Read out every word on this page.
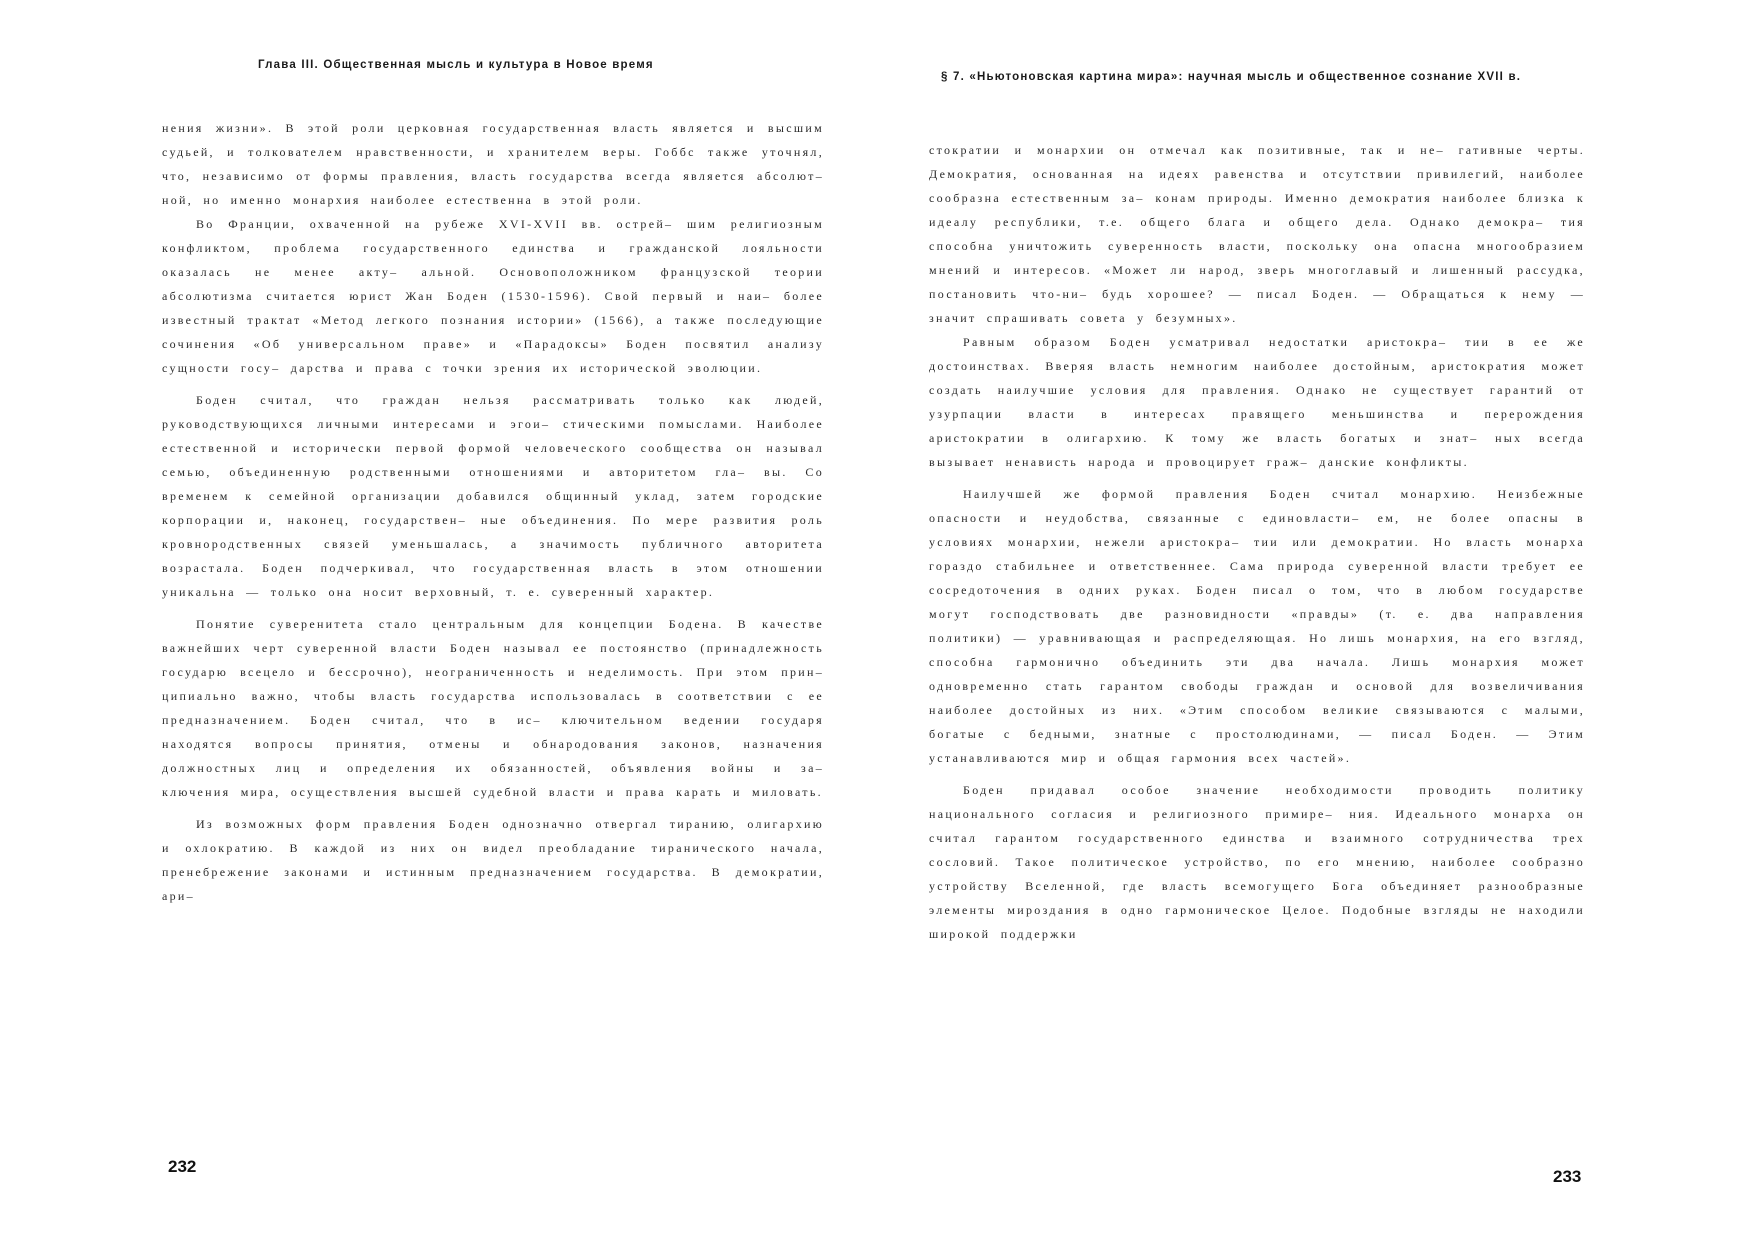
Глава III. Общественная мысль и культура в Новое время

нения жизни». В этой роли церковная государственная власть является и высшим судьей, и толкователем нравственности, и хранителем веры. Гоббс также уточнял, что, независимо от формы правления, власть государства всегда является абсолют– ной, но именно монархия наиболее естественна в этой роли.

Во Франции, охваченной на рубеже XVI-XVII вв. острей– шим религиозным конфликтом, проблема государственного единства и гражданской лояльности оказалась не менее акту– альной. Основоположником французской теории абсолютизма считается юрист Жан Боден (1530-1596). Свой первый и наи– более известный трактат «Метод легкого познания истории» (1566), а также последующие сочинения «Об универсальном праве» и «Парадоксы» Боден посвятил анализу сущности госу– дарства и права с точки зрения их исторической эволюции.

Боден считал, что граждан нельзя рассматривать только как людей, руководствующихся личными интересами и эгои– стическими помыслами. Наиболее естественной и исторически первой формой человеческого сообщества он называл семью, объединенную родственными отношениями и авторитетом гла– вы. Со временем к семейной организации добавился общинный уклад, затем городские корпорации и, наконец, государствен– ные объединения. По мере развития роль кровнородственных связей уменьшалась, а значимость публичного авторитета возрастала. Боден подчеркивал, что государственная власть в этом отношении уникальна — только она носит верховный, т. е. суверенный характер.

Понятие суверенитета стало центральным для концепции Бодена. В качестве важнейших черт суверенной власти Боден называл ее постоянство (принадлежность государю всецело и бессрочно), неограниченность и неделимость. При этом прин– ципиально важно, чтобы власть государства использовалась в соответствии с ее предназначением. Боден считал, что в ис– ключительном ведении государя находятся вопросы принятия, отмены и обнародования законов, назначения должностных лиц и определения их обязанностей, объявления войны и за– ключения мира, осуществления высшей судебной власти и права карать и миловать.

Из возможных форм правления Боден однозначно отвергал тиранию, олигархию и охлократию. В каждой из них он видел преобладание тиранического начала, пренебрежение законами и истинным предназначением государства. В демократии, ари–

232
§ 7. «Ньютоновская картина мира»: научная мысль и общественное сознание XVII в.

стократии и монархии он отмечал как позитивные, так и не– гативные черты. Демократия, основанная на идеях равенства и отсутствии привилегий, наиболее сообразна естественным за– конам природы. Именно демократия наиболее близка к идеалу республики, т.е. общего блага и общего дела. Однако демокра– тия способна уничтожить суверенность власти, поскольку она опасна многообразием мнений и интересов. «Может ли народ, зверь многоглавый и лишенный рассудка, постановить что-ни– будь хорошее? — писал Боден. — Обращаться к нему — значит спрашивать совета у безумных».

Равным образом Боден усматривал недостатки аристокра– тии в ее же достоинствах. Вверяя власть немногим наиболее достойным, аристократия может создать наилучшие условия для правления. Однако не существует гарантий от узурпации власти в интересах правящего меньшинства и перерождения аристократии в олигархию. К тому же власть богатых и знат– ных всегда вызывает ненависть народа и провоцирует граж– данские конфликты.

Наилучшей же формой правления Боден считал монархию. Неизбежные опасности и неудобства, связанные с единовласти– ем, не более опасны в условиях монархии, нежели аристокра– тии или демократии. Но власть монарха гораздо стабильнее и ответственнее. Сама природа суверенной власти требует ее сосредоточения в одних руках. Боден писал о том, что в любом государстве могут господствовать две разновидности «правды» (т. е. два направления политики) — уравнивающая и распределяющая. Но лишь монархия, на его взгляд, способна гармонично объединить эти два начала. Лишь монархия может одновременно стать гарантом свободы граждан и основой для возвеличивания наиболее достойных из них. «Этим способом великие связываются с малыми, богатые с бедными, знатные с простолюдинами, — писал Боден. — Этим устанавливаются мир и общая гармония всех частей».

Боден придавал особое значение необходимости проводить политику национального согласия и религиозного примире– ния. Идеального монарха он считал гарантом государственного единства и взаимного сотрудничества трех сословий. Такое политическое устройство, по его мнению, наиболее сообразно устройству Вселенной, где власть всемогущего Бога объединяет разнообразные элементы мироздания в одно гармоническое Целое. Подобные взгляды не находили широкой поддержки

233
